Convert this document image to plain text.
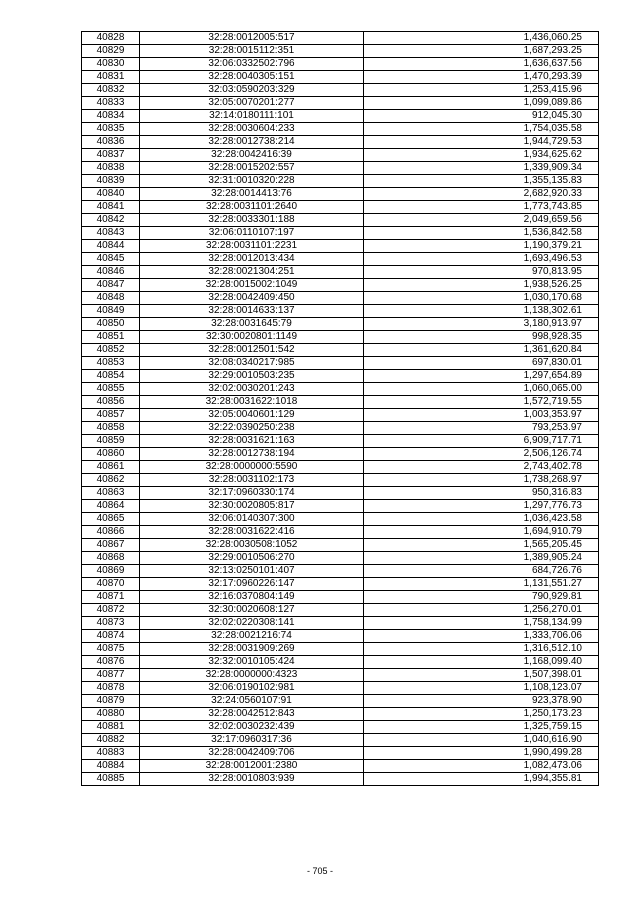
40828	32:28:0012005:517	1,436,060.25
40829	32:28:0015112:351	1,687,293.25
40830	32:06:0332502:796	1,636,637.56
40831	32:28:0040305:151	1,470,293.39
40832	32:03:0590203:329	1,253,415.96
40833	32:05:0070201:277	1,099,089.86
40834	32:14:0180111:101	912,045.30
40835	32:28:0030604:233	1,754,035.58
40836	32:28:0012738:214	1,944,729.53
40837	32:28:0042416:39	1,934,625.62
40838	32:28:0015202:557	1,339,909.34
40839	32:31:0010320:228	1,355,135.83
40840	32:28:0014413:76	2,682,920.33
40841	32:28:0031101:2640	1,773,743.85
40842	32:28:0033301:188	2,049,659.56
40843	32:06:0110107:197	1,536,842.58
40844	32:28:0031101:2231	1,190,379.21
40845	32:28:0012013:434	1,693,496.53
40846	32:28:0021304:251	970,813.95
40847	32:28:0015002:1049	1,938,526.25
40848	32:28:0042409:450	1,030,170.68
40849	32:28:0014633:137	1,138,302.61
40850	32:28:0031645:79	3,180,913.97
40851	32:30:0020801:1149	998,928.35
40852	32:28:0012501:542	1,361,620.84
40853	32:08:0340217:985	697,830.01
40854	32:29:0010503:235	1,297,654.89
40855	32:02:0030201:243	1,060,065.00
40856	32:28:0031622:1018	1,572,719.55
40857	32:05:0040601:129	1,003,353.97
40858	32:22:0390250:238	793,253.97
40859	32:28:0031621:163	6,909,717.71
40860	32:28:0012738:194	2,506,126.74
40861	32:28:0000000:5590	2,743,402.78
40862	32:28:0031102:173	1,738,268.97
40863	32:17:0960330:174	950,316.83
40864	32:30:0020805:817	1,297,776.73
40865	32:06:0140307:300	1,036,423.58
40866	32:28:0031622:416	1,694,910.79
40867	32:28:0030508:1052	1,565,205.45
40868	32:29:0010506:270	1,389,905.24
40869	32:13:0250101:407	684,726.76
40870	32:17:0960226:147	1,131,551.27
40871	32:16:0370804:149	790,929.81
40872	32:30:0020608:127	1,256,270.01
40873	32:02:0220308:141	1,758,134.99
40874	32:28:0021216:74	1,333,706.06
40875	32:28:0031909:269	1,316,512.10
40876	32:32:0010105:424	1,168,099.40
40877	32:28:0000000:4323	1,507,398.01
40878	32:06:0190102:981	1,108,123.07
40879	32:24:0560107:91	923,378.90
40880	32:28:0042512:843	1,250,173.23
40881	32:02:0030232:439	1,325,759.15
40882	32:17:0960317:36	1,040,616.90
40883	32:28:0042409:706	1,990,499.28
40884	32:28:0012001:2380	1,082,473.06
40885	32:28:0010803:939	1,994,355.81
- 705 -
